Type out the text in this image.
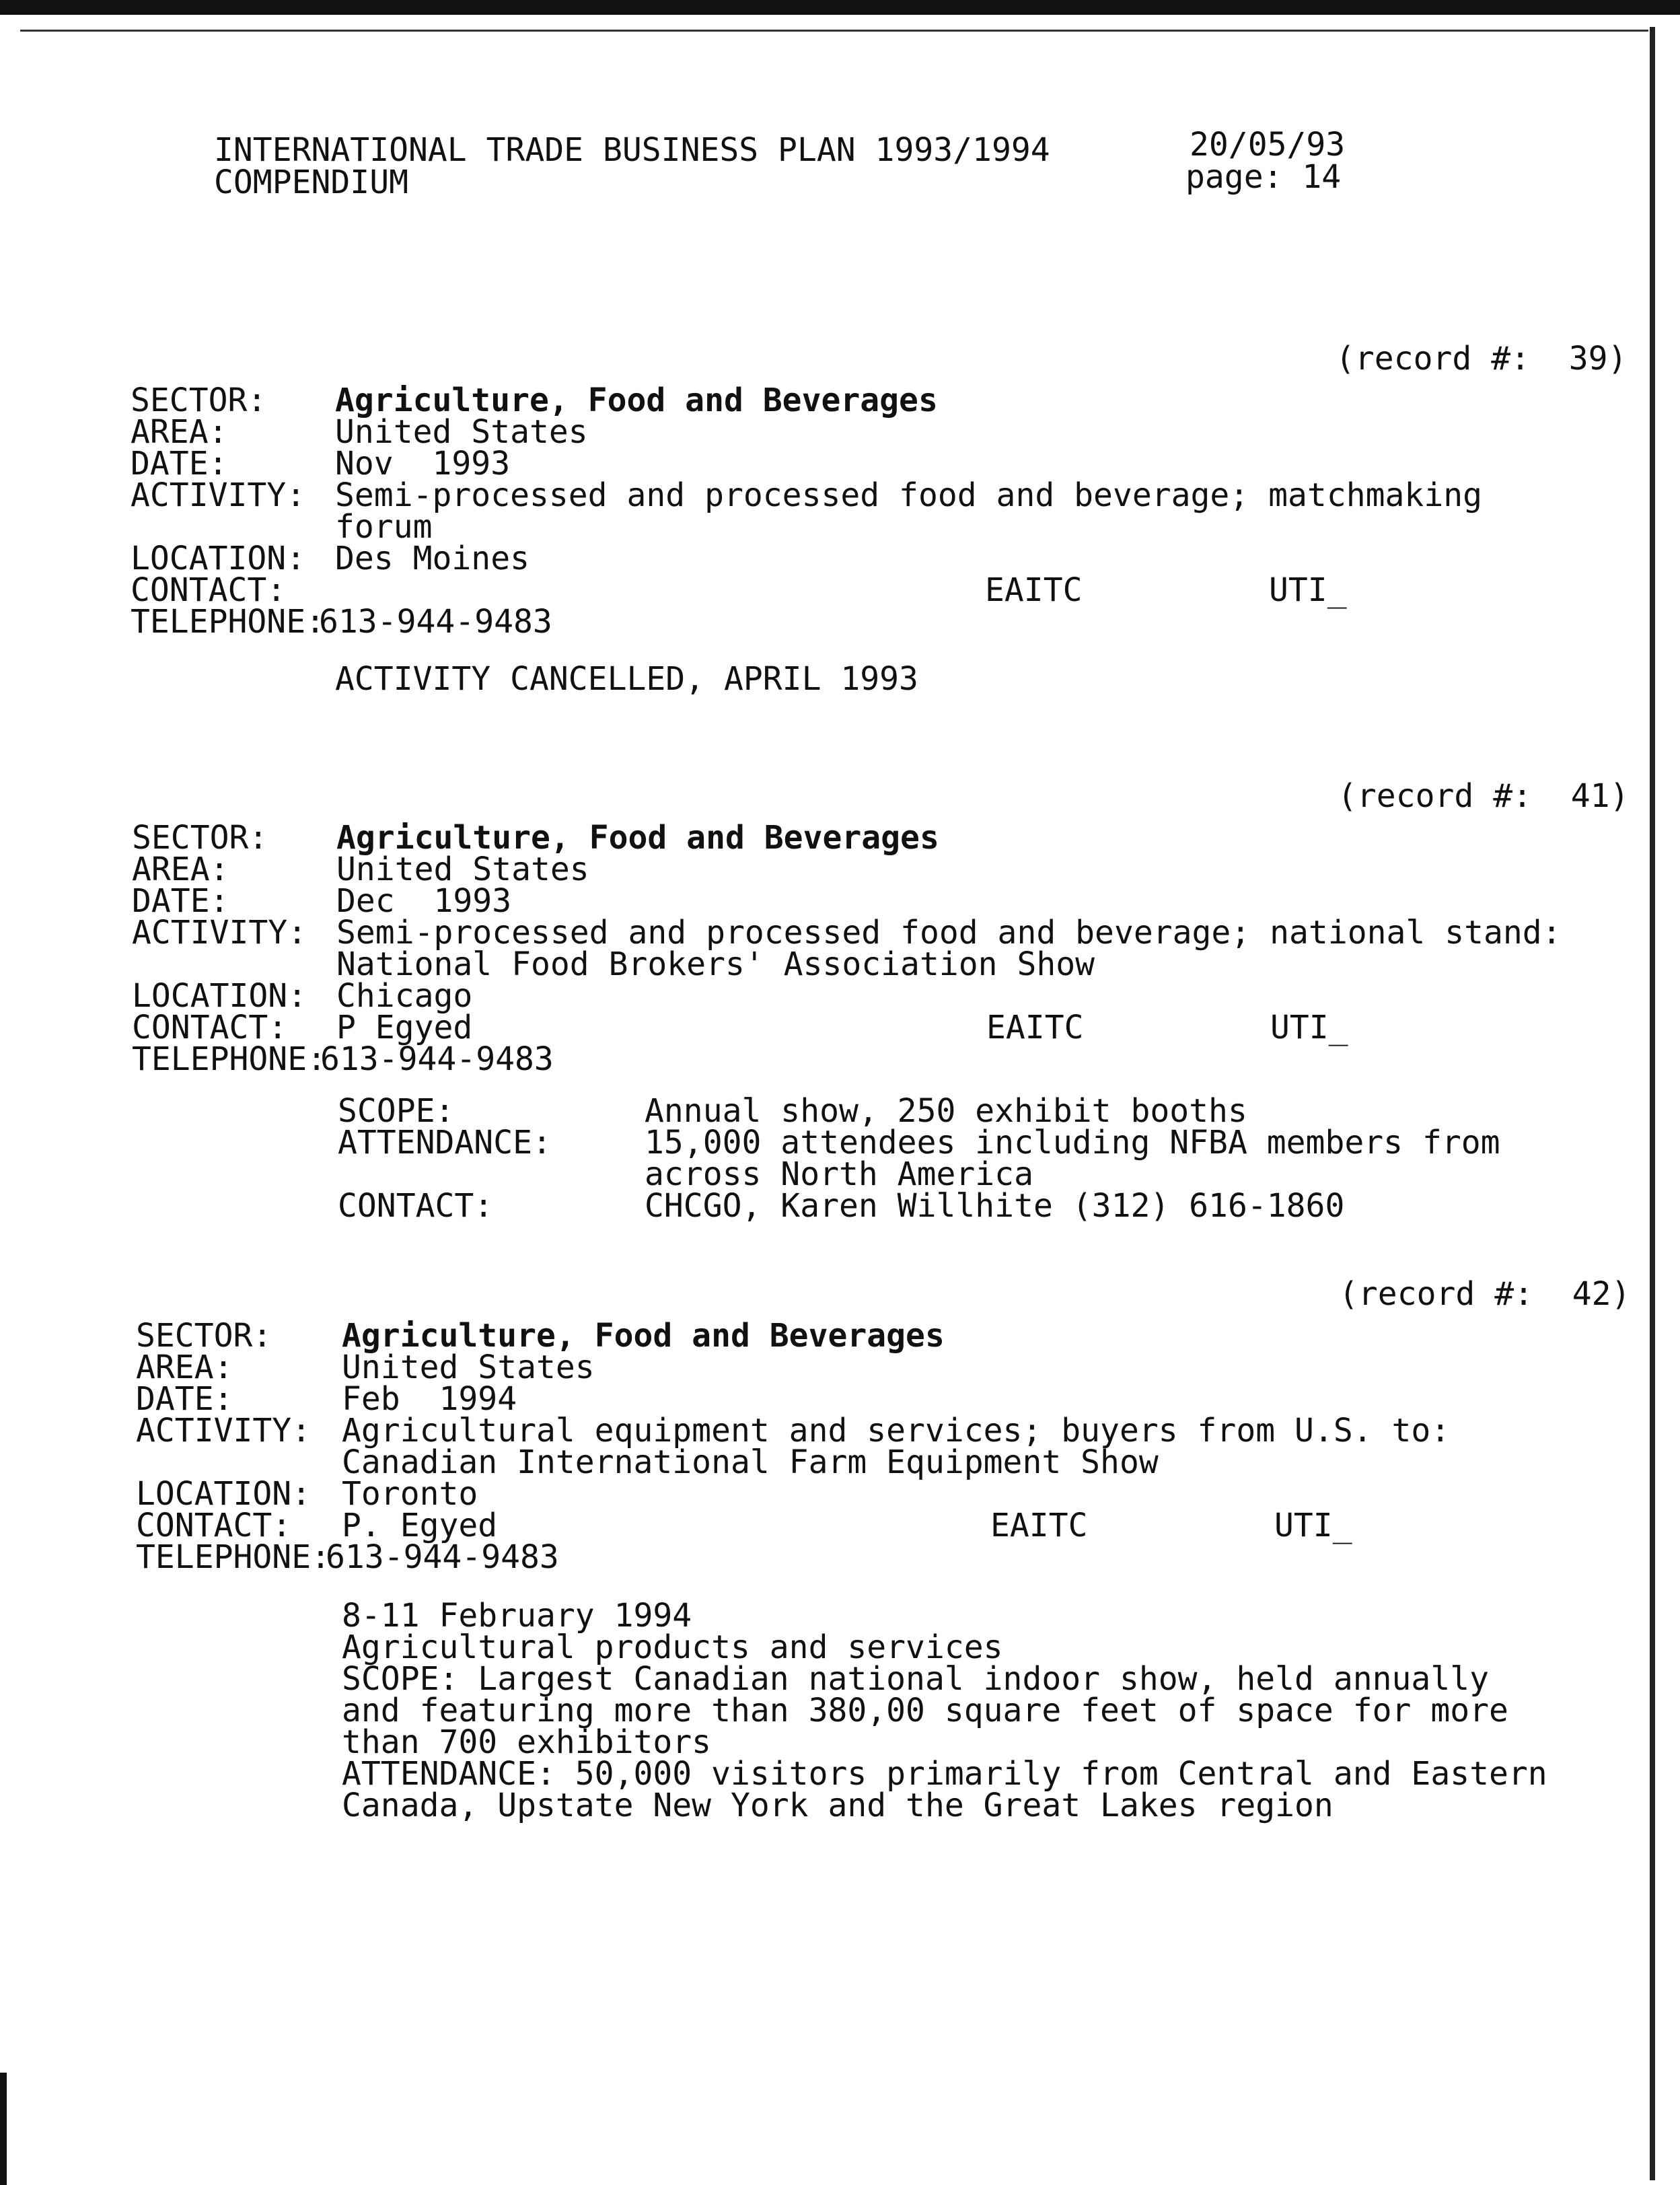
INTERNATIONAL TRADE BUSINESS PLAN 1993/1994
COMPENDIUM
20/05/93
page: 14
(record #:  39)
SECTOR: Agriculture, Food and Beverages
AREA:	United States
DATE:	Nov  1993
ACTIVITY: Semi-processed and processed food and beverage; matchmaking
forum
LOCATION: Des Moines
CONTACT:	EAITC	UTI_
TELEPHONE:
613-944-9483
ACTIVITY CANCELLED, APRIL 1993
(record #:  41)
SECTOR: Agriculture, Food and Beverages
AREA:	United States
DATE:	Dec  1993
ACTIVITY: Semi-processed and processed food and beverage; national stand:
National Food Brokers' Association Show
LOCATION: Chicago
CONTACT: P Egyed	EAITC	UTI_
TELEPHONE:
613-944-9483
SCOPE:	Annual show, 250 exhibit booths
ATTENDANCE:	15,000 attendees including NFBA members from
across North America
CONTACT:	CHCGO, Karen Willhite (312) 616-1860
(record #:  42)
SECTOR: Agriculture, Food and Beverages
AREA:	United States
DATE:	Feb  1994
ACTIVITY: Agricultural equipment and services; buyers from U.S. to:
Canadian International Farm Equipment Show
LOCATION: Toronto
CONTACT: P. Egyed	EAITC	UTI_
TELEPHONE:
613-944-9483
8-11 February 1994
Agricultural products and services
SCOPE: Largest Canadian national indoor show, held annually
and featuring more than 380,00 square feet of space for more
than 700 exhibitors
ATTENDANCE: 50,000 visitors primarily from Central and Eastern
Canada, Upstate New York and the Great Lakes region
